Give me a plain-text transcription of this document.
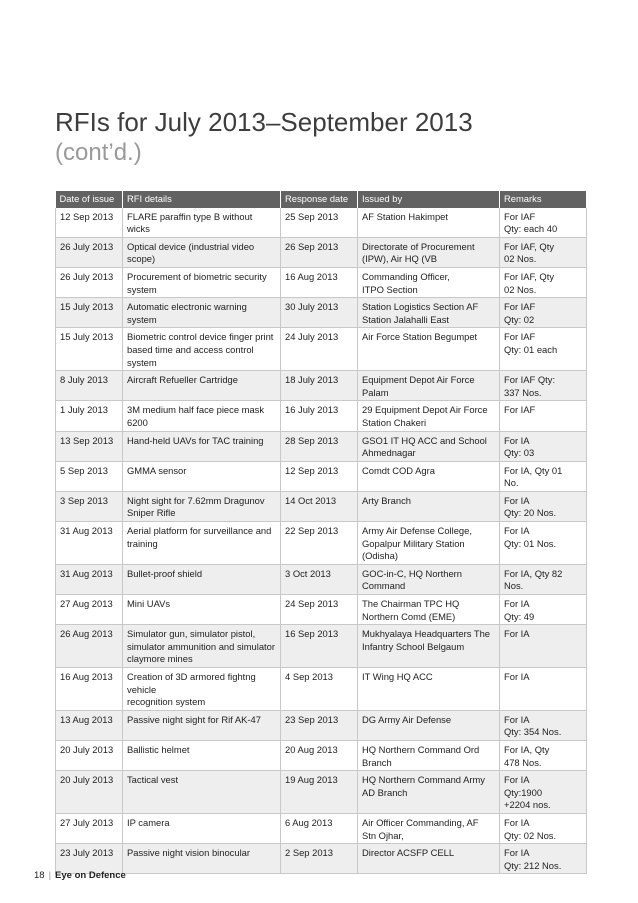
RFIs for July 2013–September 2013
(cont’d.)
Date of issue	RFI details	Response date	Issued by	Remarks
12 Sep 2013	FLARE paraffin type B without wicks	25 Sep 2013	AF Station Hakimpet	For IAF
Qty: each 40
26 July 2013	Optical device (industrial video scope)	26 Sep 2013	Directorate of Procurement
(IPW), Air HQ (VB	For IAF, Qty
02 Nos.
26 July 2013	Procurement of biometric security
system	16 Aug 2013	Commanding Officer,
ITPO Section	For IAF, Qty
02 Nos.
15 July 2013	Automatic electronic warning system	30 July 2013	Station Logistics Section AF
Station Jalahalli East	For IAF
Qty: 02
15 July 2013	Biometric control device finger print
based time and access control system	24 July 2013	Air Force Station Begumpet	For IAF
Qty: 01 each
8 July 2013	Aircraft Refueller Cartridge	18 July 2013	Equipment Depot Air Force
Palam	For IAF Qty:
337 Nos.
1 July 2013	3M medium half face piece mask 6200	16 July 2013	29 Equipment Depot Air Force
Station Chakeri	For IAF
13 Sep 2013	Hand-held UAVs for TAC training	28 Sep 2013	GSO1 IT HQ ACC and School
Ahmednagar	For IA
Qty: 03
5 Sep 2013	GMMA sensor	12 Sep 2013	Comdt COD Agra	For IA, Qty 01
No.
3 Sep 2013	Night sight for 7.62mm Dragunov
Sniper Rifle	14 Oct 2013	Arty Branch	For IA
Qty: 20 Nos.
31 Aug 2013	Aerial platform for surveillance and
training	22 Sep 2013	Army Air Defense College,
Gopalpur Military Station
(Odisha)	For IA
Qty: 01 Nos.
31 Aug 2013	Bullet-proof shield	3 Oct 2013	GOC-in-C, HQ Northern
Command	For IA, Qty 82
Nos.
27 Aug 2013	Mini UAVs	24 Sep 2013	The Chairman TPC HQ
Northern Comd (EME)	For IA
Qty: 49
26 Aug 2013	Simulator gun, simulator pistol,
simulator ammunition and simulator
claymore mines	16 Sep 2013	Mukhyalaya Headquarters The
Infantry School Belgaum	For IA
16 Aug 2013	Creation of 3D armored fightng vehicle
recognition system	4 Sep 2013	IT Wing HQ ACC	For IA
13 Aug 2013	Passive night sight for Rif AK-47	23 Sep 2013	DG Army Air Defense	For IA
Qty: 354 Nos.
20 July 2013	Ballistic helmet	20 Aug 2013	HQ Northern Command Ord
Branch	For IA, Qty
478 Nos.
20 July 2013	Tactical vest	19 Aug 2013	HQ Northern Command Army
AD Branch	For IA
Qty:1900
+2204 nos.
27 July 2013	IP camera	6 Aug 2013	Air Officer Commanding, AF
Stn Ojhar,	For IA
Qty: 02 Nos.
23 July 2013	Passive night vision binocular	2 Sep 2013	Director ACSFP CELL	For IA
Qty: 212 Nos.
18 | Eye on Defence
